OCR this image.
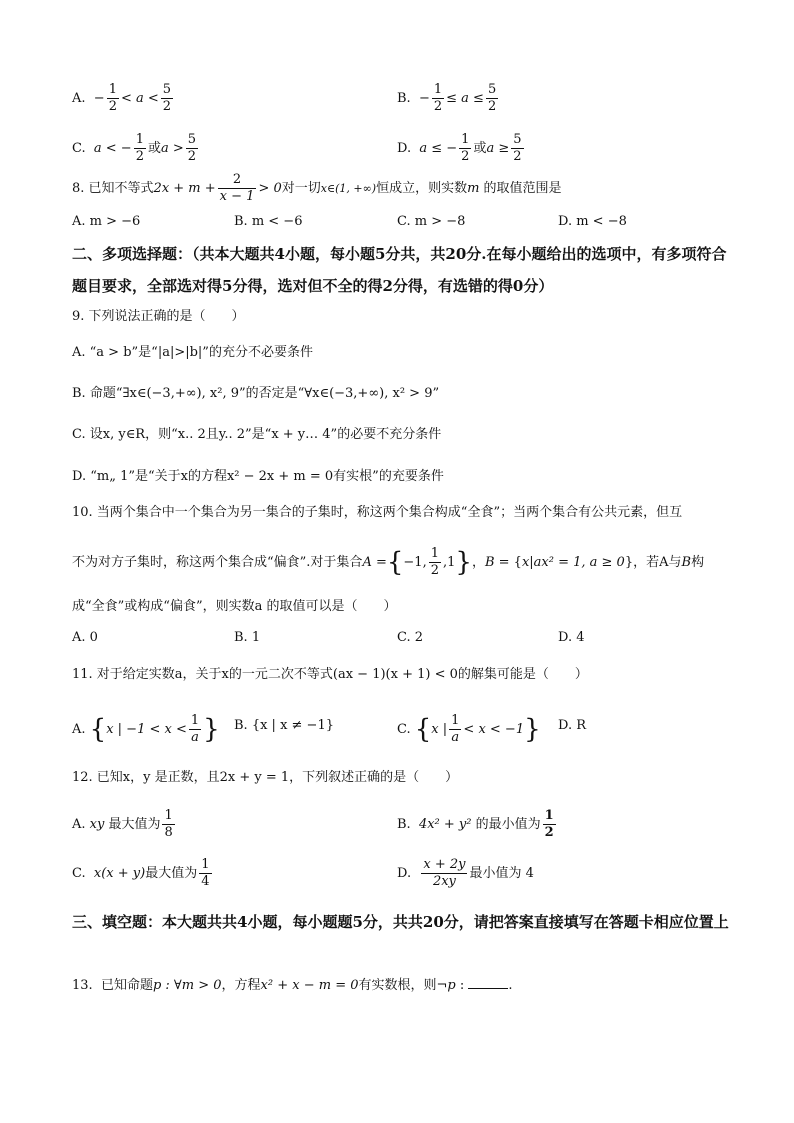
A.  − $\frac{1}{2} < a < \frac{5}{2}$	B.  − $\frac{1}{2} \le a \le \frac{5}{2}$
C.  a < − $\frac{1}{2}$ 或$a > \frac{5}{2}$	D.  a ≤ − $\frac{1}{2}$ 或$a \ge \frac{5}{2}$
8. 已知不等式$2x + m + \frac{2}{x - 1} > 0$对一切x∈(1, +∞)恒成立，则实数m 的取值范围是
A. m > −6	B. m < −6	C. m > −8	D. m < −8
二、多项选择题：（共本大题共4小题，每小题5分共，共20分.在每小题给出的选项中，有多项符合题目要求，全部选对得5分得，选对但不全的得2分得，有选错的得0分）
9. 下列说法正确的是（　　）
A. “a > b”是“|a|>|b|”的充分不必要条件
B. 命题“∃x∈(−3,+∞), x², 9”的否定是“∀x∈(−3,+∞), x² > 9”
C. 设x, y∈R，则“x.. 2且y.. 2”是“x + y… 4”的必要不充分条件
D. “m„ 1”是“关于x的方程x² − 2x + m = 0有实根”的充要条件
10. 当两个集合中一个集合为另一集合的子集时，称这两个集合构成“全食”；当两个集合有公共元素，但互
不为对方子集时，称这两个集合成“偏食”.对于集合A ={−1, $\frac{1}{2} ,1$}，B = {x|ax² = 1, a ≥ 0}，若A与B构
成“全食”或构成“偏食”，则实数a 的取值可以是（　　）
A. 0	B. 1	C. 2	D. 4
11. 对于给定实数a，关于x的一元二次不等式(ax − 1)(x + 1) < 0的解集可能是（　　）
A. {x | $-1 < x < \frac{1}{a}$ } B. {x | x ≠ −1}	C. {x | $\frac{1}{a} < x < -1$} D. R
12. 已知x，y 是正数，且2x + y = 1，下列叙述正确的是（　　）
A. xy 最大值为 $\frac{1}{8}$	B.  4x² + y² 的最小值为 $\frac{1}{2}$
C.  x(x + y)最大值为 $\frac{1}{4}$	D. $\frac{x + 2y}{2xy}$ 最小值为 4
三、填空题：本大题共共4小题，每小题题5分，共共20分，请把答案直接填写在答题卡相应位置上
13.  已知命题p : ∀m > 0，方程x² + x − m = 0有实数根，则¬p :	.
